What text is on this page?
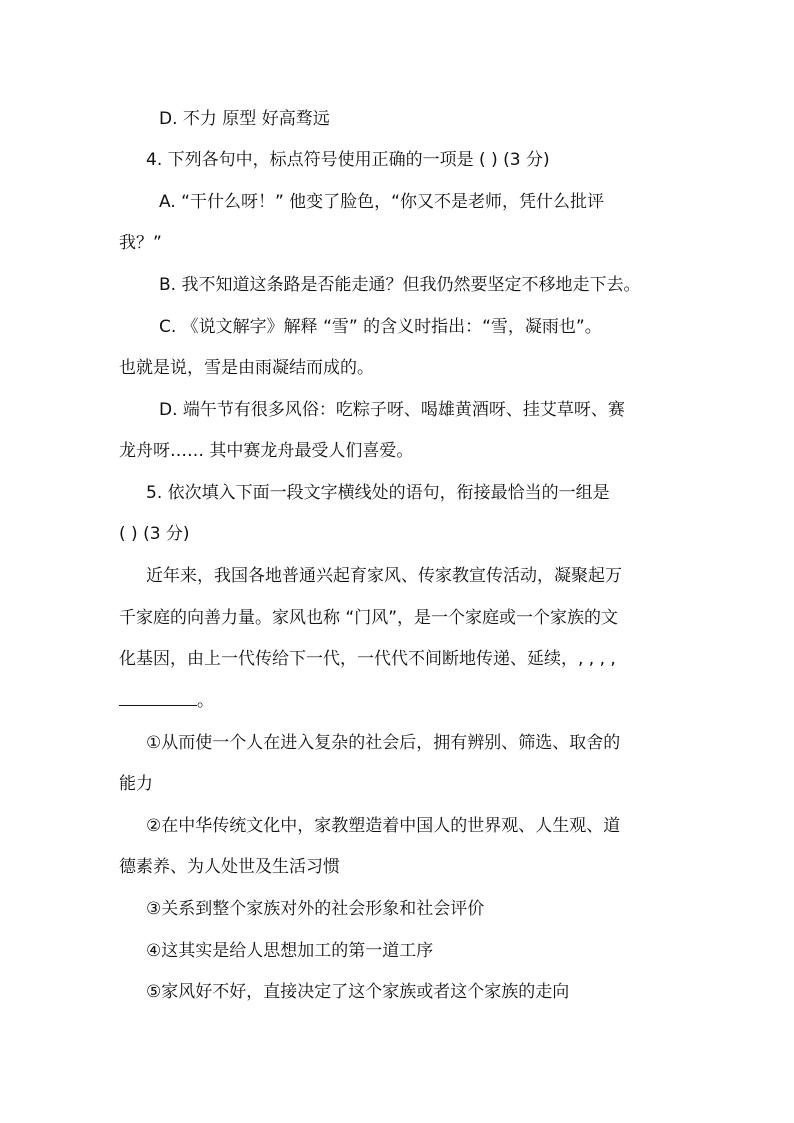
D. 不力 原型 好高骛远
4. 下列各句中，标点符号使用正确的一项是 ( ) (3 分)
A. “干什么呀！” 他变了脸色，“你又不是老师，凭什么批评
我？”
B. 我不知道这条路是否能走通？但我仍然要坚定不移地走下去。
C. 《说文解字》解释 “雪” 的含义时指出：“雪，凝雨也”。
也就是说，雪是由雨凝结而成的。
D. 端午节有很多风俗：吃粽子呀、喝雄黄酒呀、挂艾草呀、赛
龙舟呀…… 其中赛龙舟最受人们喜爱。
5. 依次填入下面一段文字横线处的语句，衔接最恰当的一组是
( ) (3 分)
近年来，我国各地普通兴起育家风、传家教宣传活动，凝聚起万
千家庭的向善力量。家风也称 “门风”，是一个家庭或一个家族的文
化基因，由上一代传给下一代，一代代不间断地传递、延续，, , , ,
。
①从而使一个人在进入复杂的社会后，拥有辨别、筛选、取舍的
能力
②在中华传统文化中，家教塑造着中国人的世界观、人生观、道
德素养、为人处世及生活习惯
③关系到整个家族对外的社会形象和社会评价
④这其实是给人思想加工的第一道工序
⑤家风好不好，直接决定了这个家族或者这个家族的走向
